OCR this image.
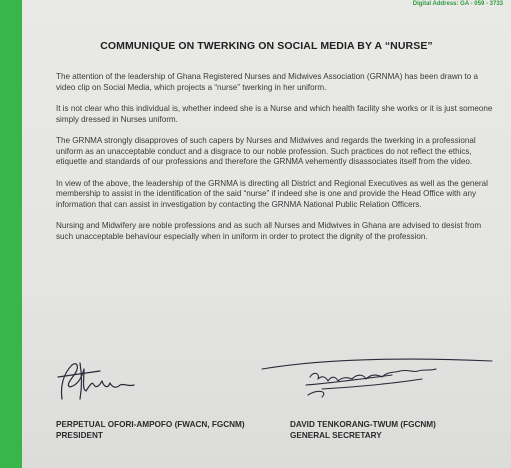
Digital Address: GA - 059 - 3733
COMMUNIQUE ON TWERKING ON SOCIAL MEDIA BY A “NURSE”

The attention of the leadership of Ghana Registered Nurses and Midwives Association (GRNMA) has been drawn to a video clip on Social Media, which projects a “nurse” twerking in her uniform.

It is not clear who this individual is, whether indeed she is a Nurse and which health facility she works or it is just someone simply dressed in Nurses uniform.

The GRNMA strongly disapproves of such capers by Nurses and Midwives and regards the twerking in a professional uniform as an unacceptable conduct and a disgrace to our noble profession. Such practices do not reflect the ethics, etiquette and standards of our professions and therefore the GRNMA vehemently disassociates itself from the video.

In view of the above, the leadership of the GRNMA is directing all District and Regional Executives as well as the general membership to assist in the identification of the said “nurse” if indeed she is one and provide the Head Office with any information that can assist in investigation by contacting the GRNMA National Public Relation Officers.

Nursing and Midwifery are noble professions and as such all Nurses and Midwives in Ghana are advised to desist from such unacceptable behaviour especially when in uniform in order to protect the dignity of the profession.

PERPETUAL OFORI-AMPOFO (FWACN, FGCNM)
PRESIDENT
DAVID TENKORANG-TWUM (FGCNM)
GENERAL SECRETARY
